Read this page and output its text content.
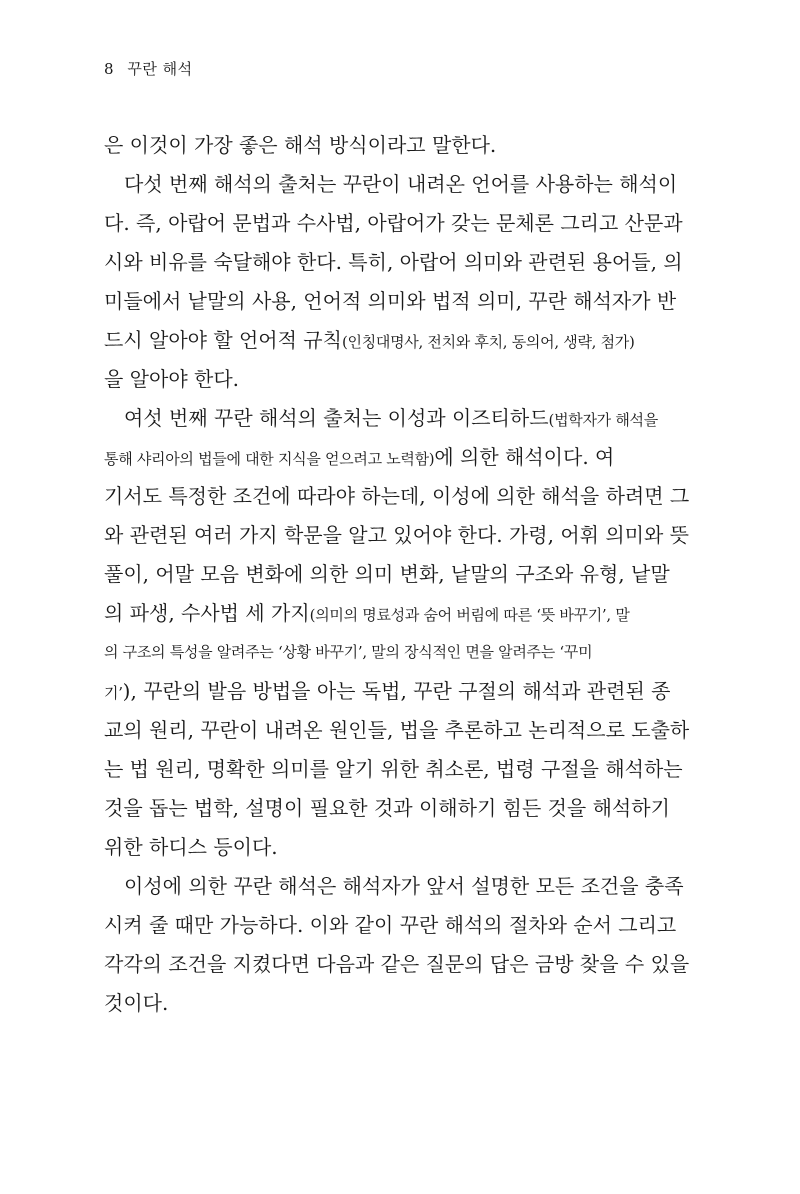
8 꾸란 해석
은 이것이 가장 좋은 해석 방식이라고 말한다.
다섯 번째 해석의 출처는 꾸란이 내려온 언어를 사용하는 해석이
다. 즉, 아랍어 문법과 수사법, 아랍어가 갖는 문체론 그리고 산문과
시와 비유를 숙달해야 한다. 특히, 아랍어 의미와 관련된 용어들, 의
미들에서 낱말의 사용, 언어적 의미와 법적 의미, 꾸란 해석자가 반
드시 알아야 할 언어적 규칙(인칭대명사, 전치와 후치, 동의어, 생략, 첨가)
을 알아야 한다.
여섯 번째 꾸란 해석의 출처는 이성과 이즈티하드(법학자가 해석을
통해 샤리아의 법들에 대한 지식을 얻으려고 노력함)에 의한 해석이다. 여
기서도 특정한 조건에 따라야 하는데, 이성에 의한 해석을 하려면 그
와 관련된 여러 가지 학문을 알고 있어야 한다. 가령, 어휘 의미와 뜻
풀이, 어말 모음 변화에 의한 의미 변화, 낱말의 구조와 유형, 낱말
의 파생, 수사법 세 가지(의미의 명료성과 숨어 버림에 따른 ‘뜻 바꾸기’, 말
의 구조의 특성을 알려주는 ‘상황 바꾸기’, 말의 장식적인 면을 알려주는 ‘꾸미
기’), 꾸란의 발음 방법을 아는 독법, 꾸란 구절의 해석과 관련된 종
교의 원리, 꾸란이 내려온 원인들, 법을 추론하고 논리적으로 도출하
는 법 원리, 명확한 의미를 알기 위한 취소론, 법령 구절을 해석하는
것을 돕는 법학, 설명이 필요한 것과 이해하기 힘든 것을 해석하기
위한 하디스 등이다.
이성에 의한 꾸란 해석은 해석자가 앞서 설명한 모든 조건을 충족
시켜 줄 때만 가능하다. 이와 같이 꾸란 해석의 절차와 순서 그리고
각각의 조건을 지켰다면 다음과 같은 질문의 답은 금방 찾을 수 있을
것이다.
